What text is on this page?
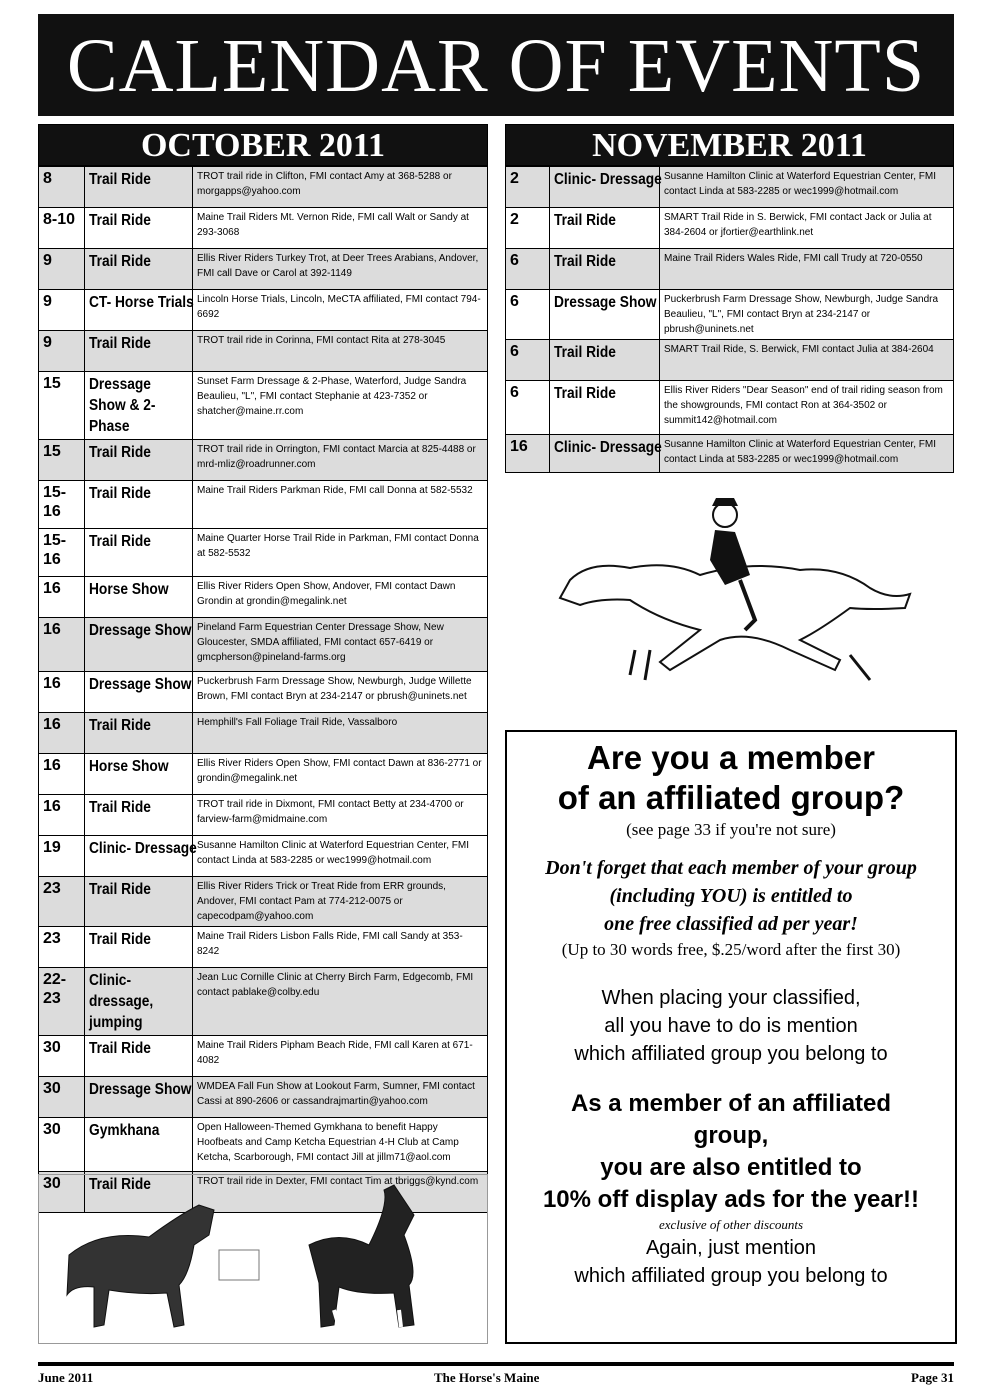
CALENDAR OF EVENTS
OCTOBER 2011
8	Trail Ride	TROT trail ride in Clifton, FMI contact Amy at 368-5288 or morgapps@yahoo.com
8-10	Trail Ride	Maine Trail Riders Mt. Vernon Ride, FMI call Walt or Sandy at 293-3068
9	Trail Ride	Ellis River Riders Turkey Trot, at Deer Trees Arabians, Andover, FMI call Dave or Carol at 392-1149
9	CT- Horse Trials	Lincoln Horse Trials, Lincoln, MeCTA affiliated, FMI contact 794-6692
9	Trail Ride	TROT trail ride in Corinna, FMI contact Rita at 278-3045
15	Dressage Show & 2-Phase	Sunset Farm Dressage & 2-Phase, Waterford, Judge Sandra Beaulieu, "L", FMI contact Stephanie at 423-7352 or shatcher@maine.rr.com
15	Trail Ride	TROT trail ride in Orrington, FMI contact Marcia at 825-4488 or mrd-mliz@roadrunner.com
15-16	Trail Ride	Maine Trail Riders Parkman Ride, FMI call Donna at 582-5532
15-16	Trail Ride	Maine Quarter Horse Trail Ride in Parkman, FMI contact Donna at 582-5532
16	Horse Show	Ellis River Riders Open Show, Andover, FMI contact Dawn Grondin at grondin@megalink.net
16	Dressage Show	Pineland Farm Equestrian Center Dressage Show, New Gloucester, SMDA affiliated, FMI contact 657-6419 or gmcpherson@pineland-farms.org
16	Dressage Show	Puckerbrush Farm Dressage Show, Newburgh, Judge Willette Brown, FMI contact Bryn at 234-2147 or pbrush@uninets.net
16	Trail Ride	Hemphill's Fall Foliage Trail Ride, Vassalboro
16	Horse Show	Ellis River Riders Open Show, FMI contact Dawn at 836-2771 or grondin@megalink.net
16	Trail Ride	TROT trail ride in Dixmont, FMI contact Betty at 234-4700 or farview-farm@midmaine.com
19	Clinic- Dressage	Susanne Hamilton Clinic at Waterford Equestrian Center, FMI contact Linda at 583-2285 or wec1999@hotmail.com
23	Trail Ride	Ellis River Riders Trick or Treat Ride from ERR grounds, Andover, FMI contact Pam at 774-212-0075 or capecodpam@yahoo.com
23	Trail Ride	Maine Trail Riders Lisbon Falls Ride, FMI call Sandy at 353-8242
22-23	Clinic- dressage, jumping	Jean Luc Cornille Clinic at Cherry Birch Farm, Edgecomb, FMI contact pablake@colby.edu
30	Trail Ride	Maine Trail Riders Pipham Beach Ride, FMI call Karen at 671-4082
30	Dressage Show	WMDEA Fall Fun Show at Lookout Farm, Sumner, FMI contact Cassi at 890-2606 or cassandrajmartin@yahoo.com
30	Gymkhana	Open Halloween-Themed Gymkhana to benefit Happy Hoofbeats and Camp Ketcha Equestrian 4-H Club at Camp Ketcha, Scarborough, FMI contact Jill at jillm71@aol.com
30	Trail Ride	TROT trail ride in Dexter, FMI contact Tim at tbriggs@kynd.com
NOVEMBER 2011
2	Clinic- Dressage	Susanne Hamilton Clinic at Waterford Equestrian Center, FMI contact Linda at 583-2285 or wec1999@hotmail.com
2	Trail Ride	SMART Trail Ride in S. Berwick, FMI contact Jack or Julia at 384-2604 or jfortier@earthlink.net
6	Trail Ride	Maine Trail Riders Wales Ride, FMI call Trudy at 720-0550
6	Dressage Show	Puckerbrush Farm Dressage Show, Newburgh, Judge Sandra Beaulieu, "L", FMI contact Bryn at 234-2147 or pbrush@uninets.net
6	Trail Ride	SMART Trail Ride, S. Berwick, FMI contact Julia at 384-2604
6	Trail Ride	Ellis River Riders "Dear Season" end of trail riding season from the showgrounds, FMI contact Ron at 364-3502 or summit142@hotmail.com
16	Clinic- Dressage	Susanne Hamilton Clinic at Waterford Equestrian Center, FMI contact Linda at 583-2285 or wec1999@hotmail.com

Are you a member

of an affiliated group?

(see page 33 if you're not sure)

Don't forget that each member of your group

(including YOU) is entitled to

one free classified ad per year!

(Up to 30 words free, $.25/word after the first 30)

When placing your classified,

all you have to do is mention

which affiliated group you belong to

As a member of an affiliated

group,

you are also entitled to

10% off display ads for the year!!

exclusive of other discounts

Again, just mention

which affiliated group you belong to

June 2011	The Horse's Maine	Page 31
